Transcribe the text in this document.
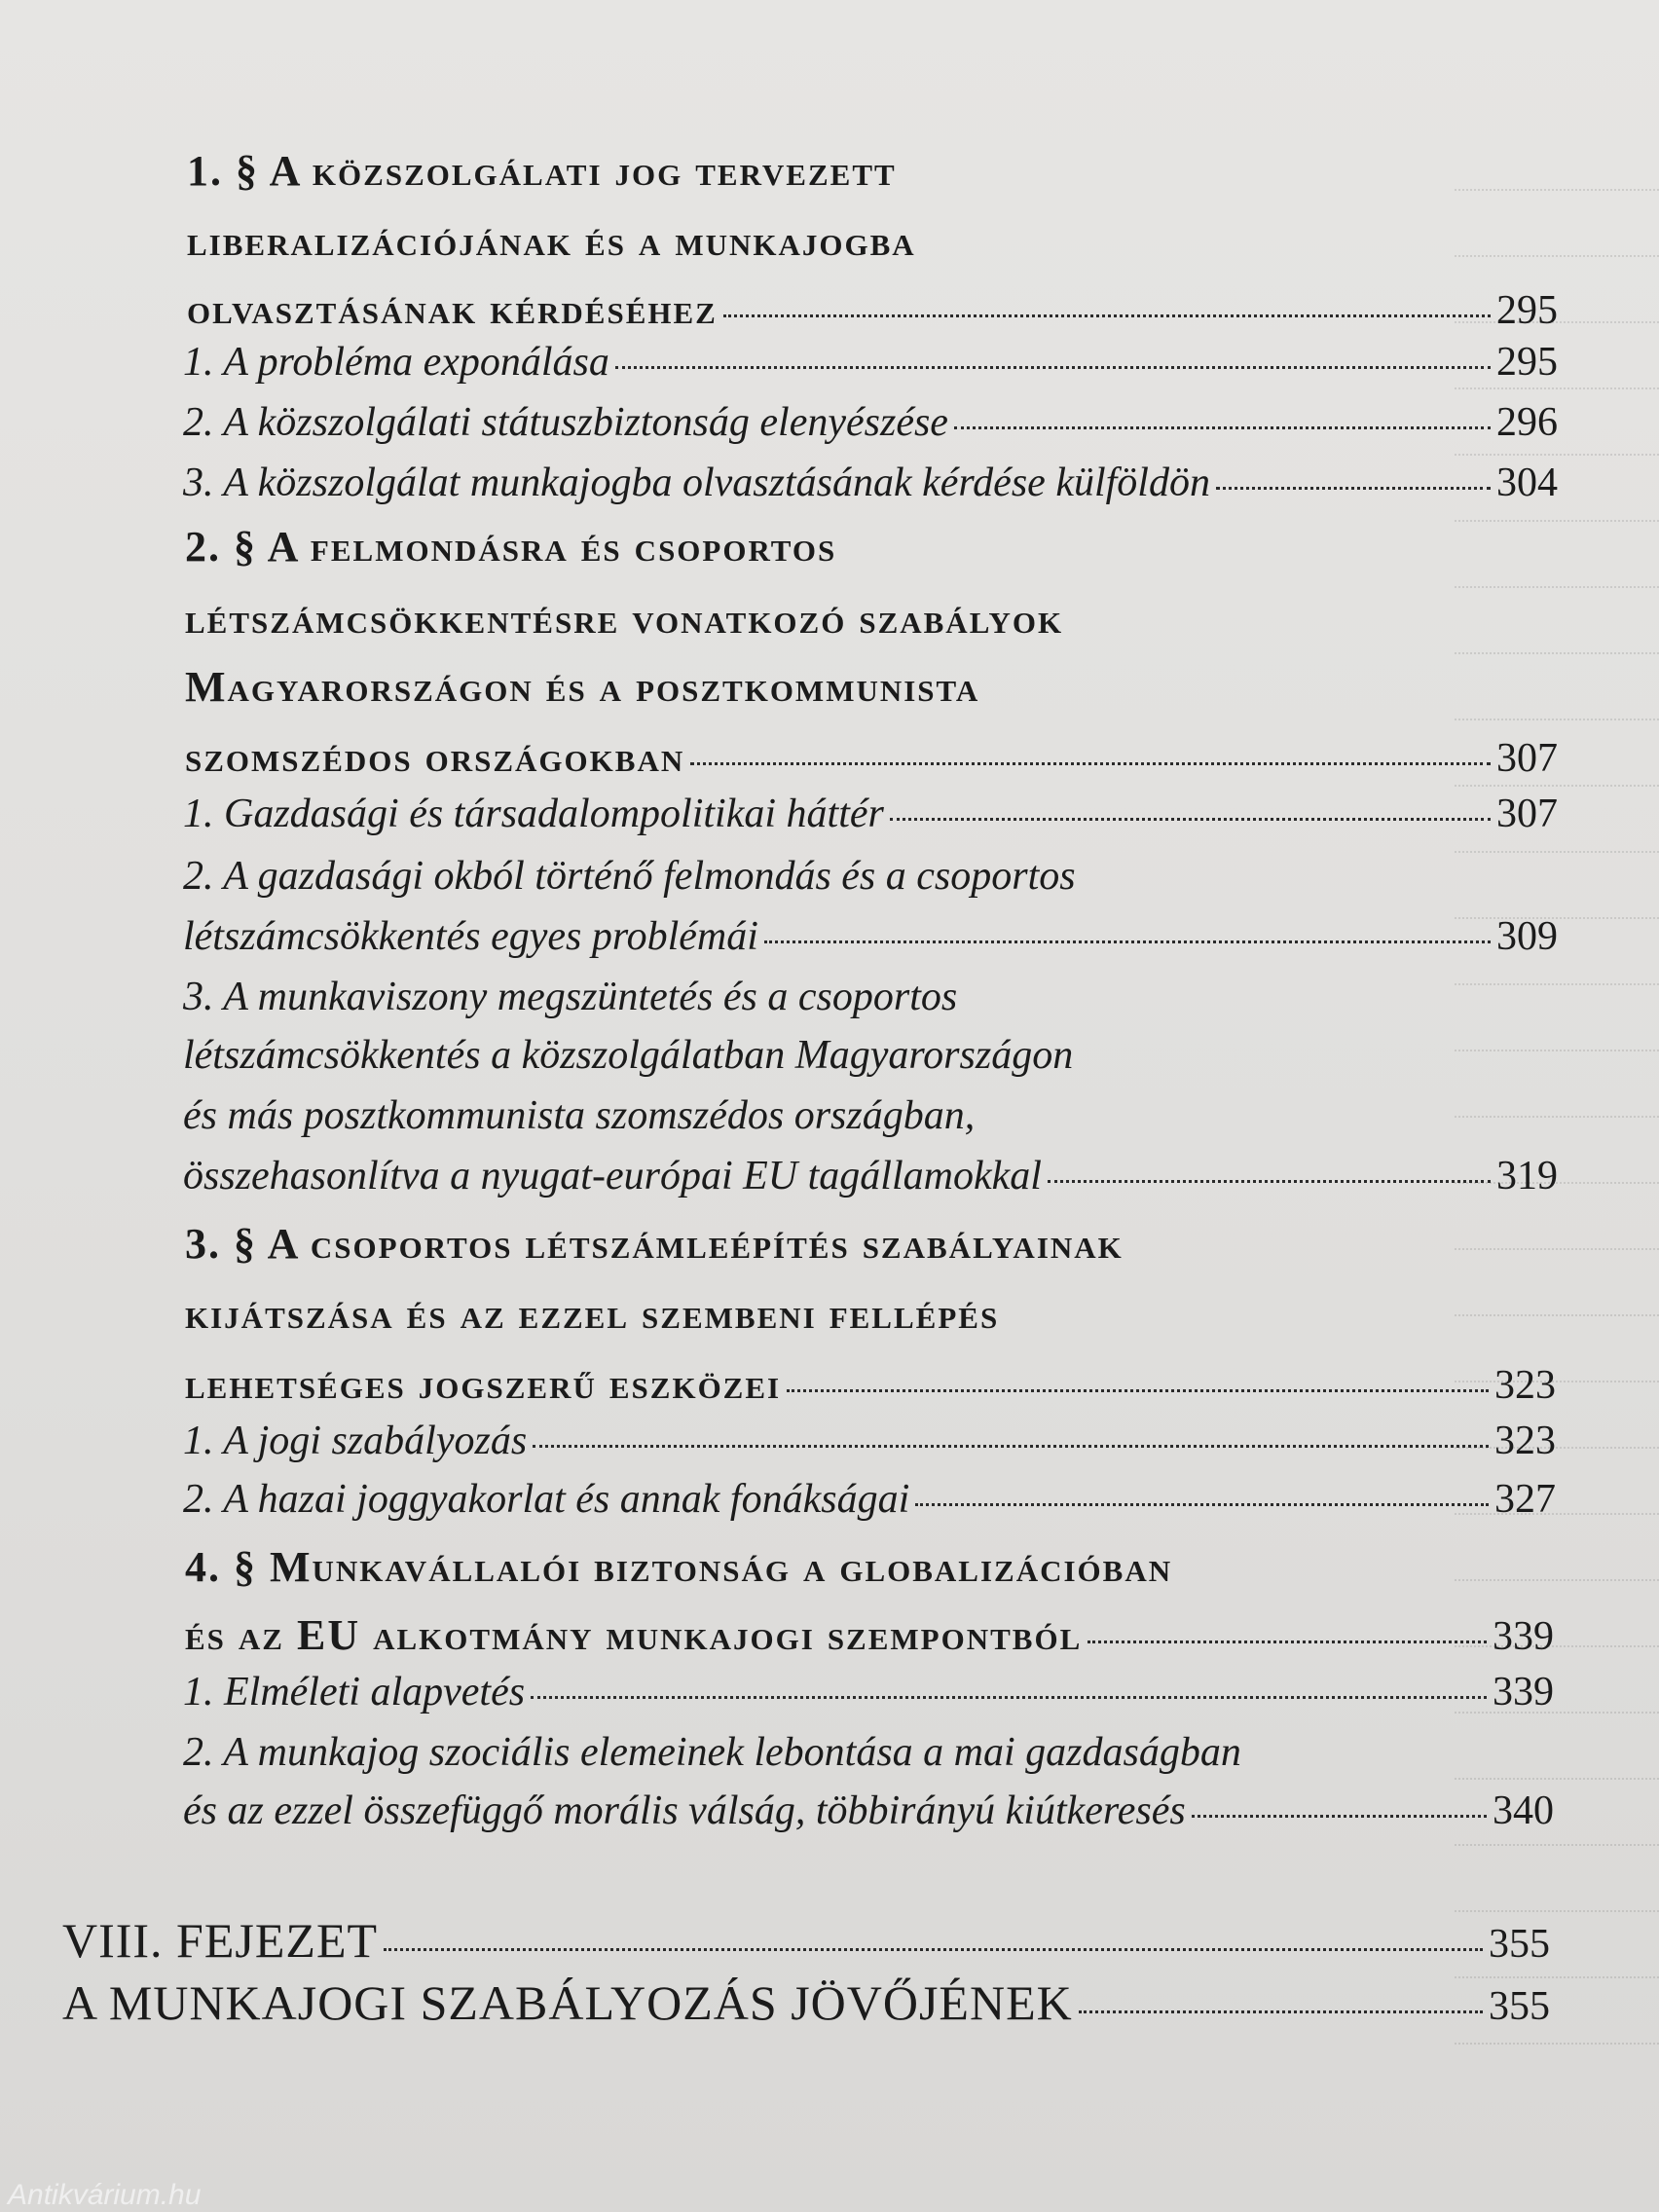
1. § A közszolgálati jog tervezett
liberalizációjának és a munkajogba
olvasztásának kérdéséhez	295
1. A probléma exponálása	295
2. A közszolgálati státuszbiztonság elenyészése	296
3. A közszolgálat munkajogba olvasztásának kérdése külföldön	304
2. § A felmondásra és csoportos
létszámcsökkentésre vonatkozó szabályok
Magyarországon és a posztkommunista
szomszédos országokban	307
1. Gazdasági és társadalompolitikai háttér	307
2. A gazdasági okból történő felmondás és a csoportos
létszámcsökkentés egyes problémái	309
3. A munkaviszony megszüntetés és a csoportos
létszámcsökkentés a közszolgálatban Magyarországon
és más posztkommunista szomszédos országban,
összehasonlítva a nyugat-európai EU tagállamokkal	319
3. § A csoportos létszámleépítés szabályainak
kijátszása és az ezzel szembeni fellépés
lehetséges jogszerű eszközei	323
1. A jogi szabályozás	323
2. A hazai joggyakorlat és annak fonákságai	327
4. § Munkavállalói biztonság a globalizációban
és az EU alkotmány munkajogi szempontból	339
1. Elméleti alapvetés	339
2. A munkajog szociális elemeinek lebontása a mai gazdaságban
és az ezzel összefüggő morális válság, többirányú kiútkeresés	340
VIII. FEJEZET	355
A MUNKAJOGI SZABÁLYOZÁS JÖVŐJÉNEK	355
Antikvárium.hu
